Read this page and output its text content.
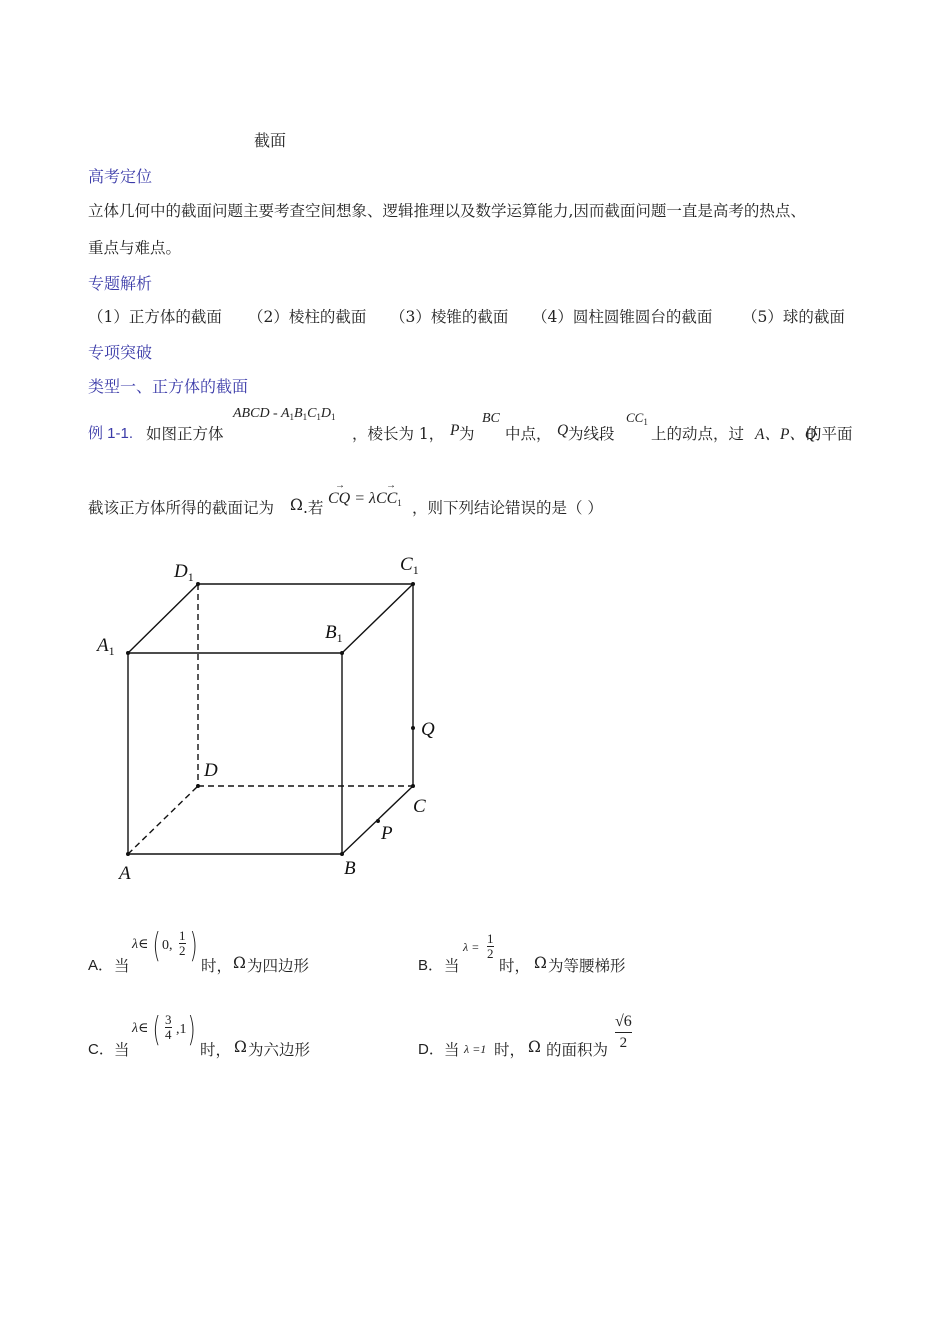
截面
高考定位
立体几何中的截面问题主要考查空间想象、逻辑推理以及数学运算能力,因而截面问题一直是高考的热点、
重点与难点。
专题解析
（1）正方体的截面 （2）棱柱的截面 （3）棱锥的截面 （4）圆柱圆锥圆台的截面 （5）球的截面
专项突破
类型一、正方体的截面
例 1-1. 如图正方体
ABCD - $A_1B_1C_1D_1$
，棱长为 1， P 为
BC
中点， Q 为线段
$CC_1$
上的动点，过 A、P、Q
的平面
截该正方体所得的截面记为 Ω .若
→	→
CQ = λCC$_1$ ，则下列结论错误的是（ ）
$D_1$
$C_1$
$A_1$
$B_1$
Q
D
C
P
A	B
A． 当
λ∈ ( 0, $\frac{1}{2}$ ) 时， Ω 为四边形	B． 当
$\lambda = \frac{1}{2}$
时， Ω 为等腰梯形
C． 当
λ∈ ( $\frac{3}{4} ,1$ ) 时， Ω 为六边形	D． 当 λ =1 时， Ω 的面积为 $\frac{√6}{2}$
